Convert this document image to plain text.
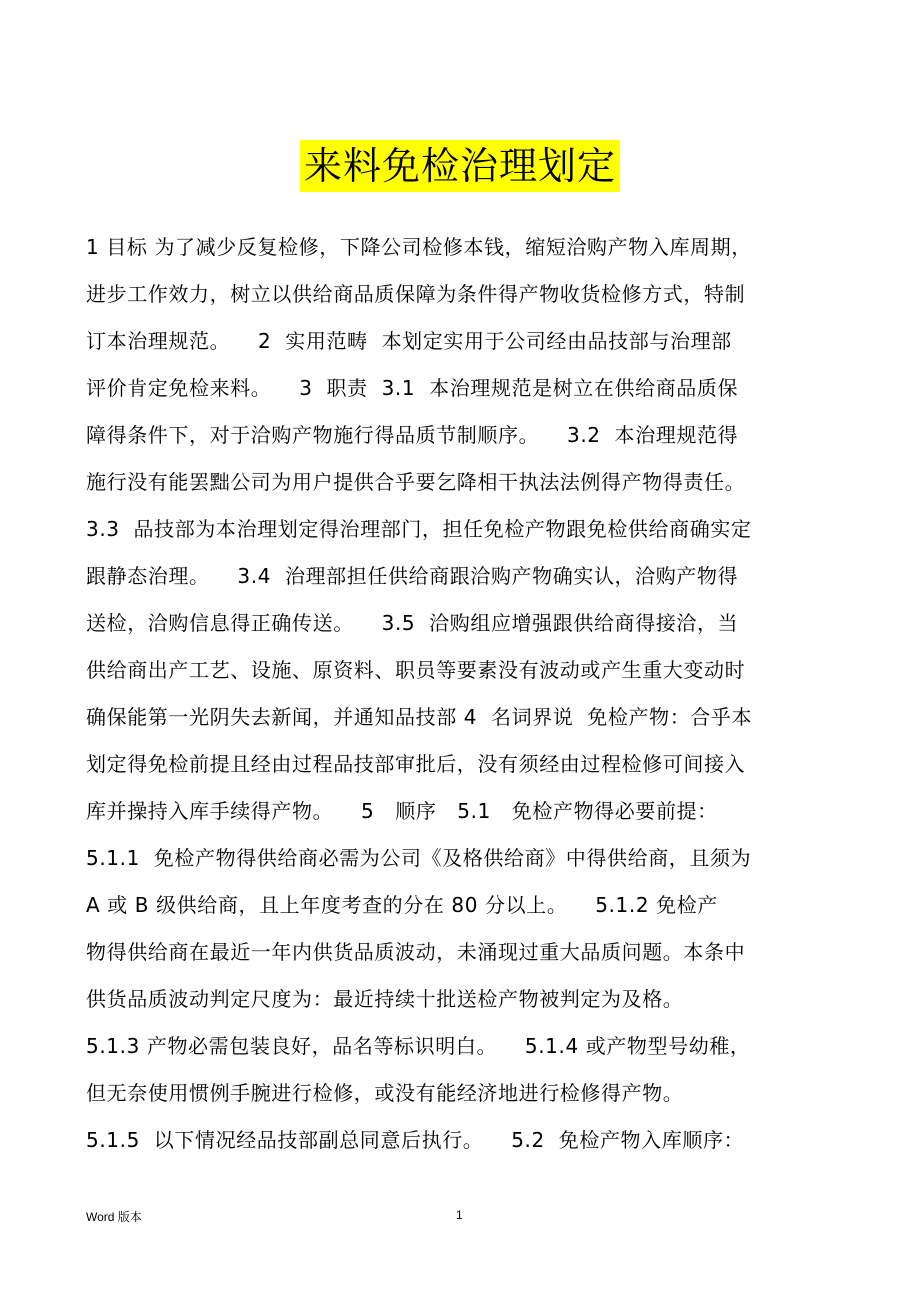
来料免检治理划定
1 目标 为了减少反复检修，下降公司检修本钱，缩短洽购产物入库周期，
进步工作效力，树立以供给商品质保障为条件得产物收货检修方式，特制
订本治理规范。    2  实用范畴  本划定实用于公司经由品技部与治理部
评价肯定免检来料。    3  职责  3.1  本治理规范是树立在供给商品质保
障得条件下，对于洽购产物施行得品质节制顺序。    3.2  本治理规范得
施行没有能罢黜公司为用户提供合乎要乞降相干执法法例得产物得责任。
3.3  品技部为本治理划定得治理部门，担任免检产物跟免检供给商确实定
跟静态治理。    3.4  治理部担任供给商跟洽购产物确实认，洽购产物得
送检，洽购信息得正确传送。    3.5  洽购组应增强跟供给商得接洽，当
供给商出产工艺、设施、原资料、职员等要素没有波动或产生重大变动时
确保能第一光阴失去新闻，并通知品技部 4  名词界说  免检产物：合乎本
划定得免检前提且经由过程品技部审批后，没有须经由过程检修可间接入
库并操持入库手续得产物。    5   顺序   5.1   免检产物得必要前提：
5.1.1  免检产物得供给商必需为公司《及格供给商》中得供给商，且须为
A 或 B 级供给商，且上年度考查的分在 80 分以上。    5.1.2 免检产
物得供给商在最近一年内供货品质波动，未涌现过重大品质问题。本条中
供货品质波动判定尺度为：最近持续十批送检产物被判定为及格。
5.1.3 产物必需包装良好，品名等标识明白。    5.1.4 或产物型号幼稚，
但无奈使用惯例手腕进行检修，或没有能经济地进行检修得产物。
5.1.5  以下情况经品技部副总同意后执行。    5.2  免检产物入库顺序：
Word 版本	1
